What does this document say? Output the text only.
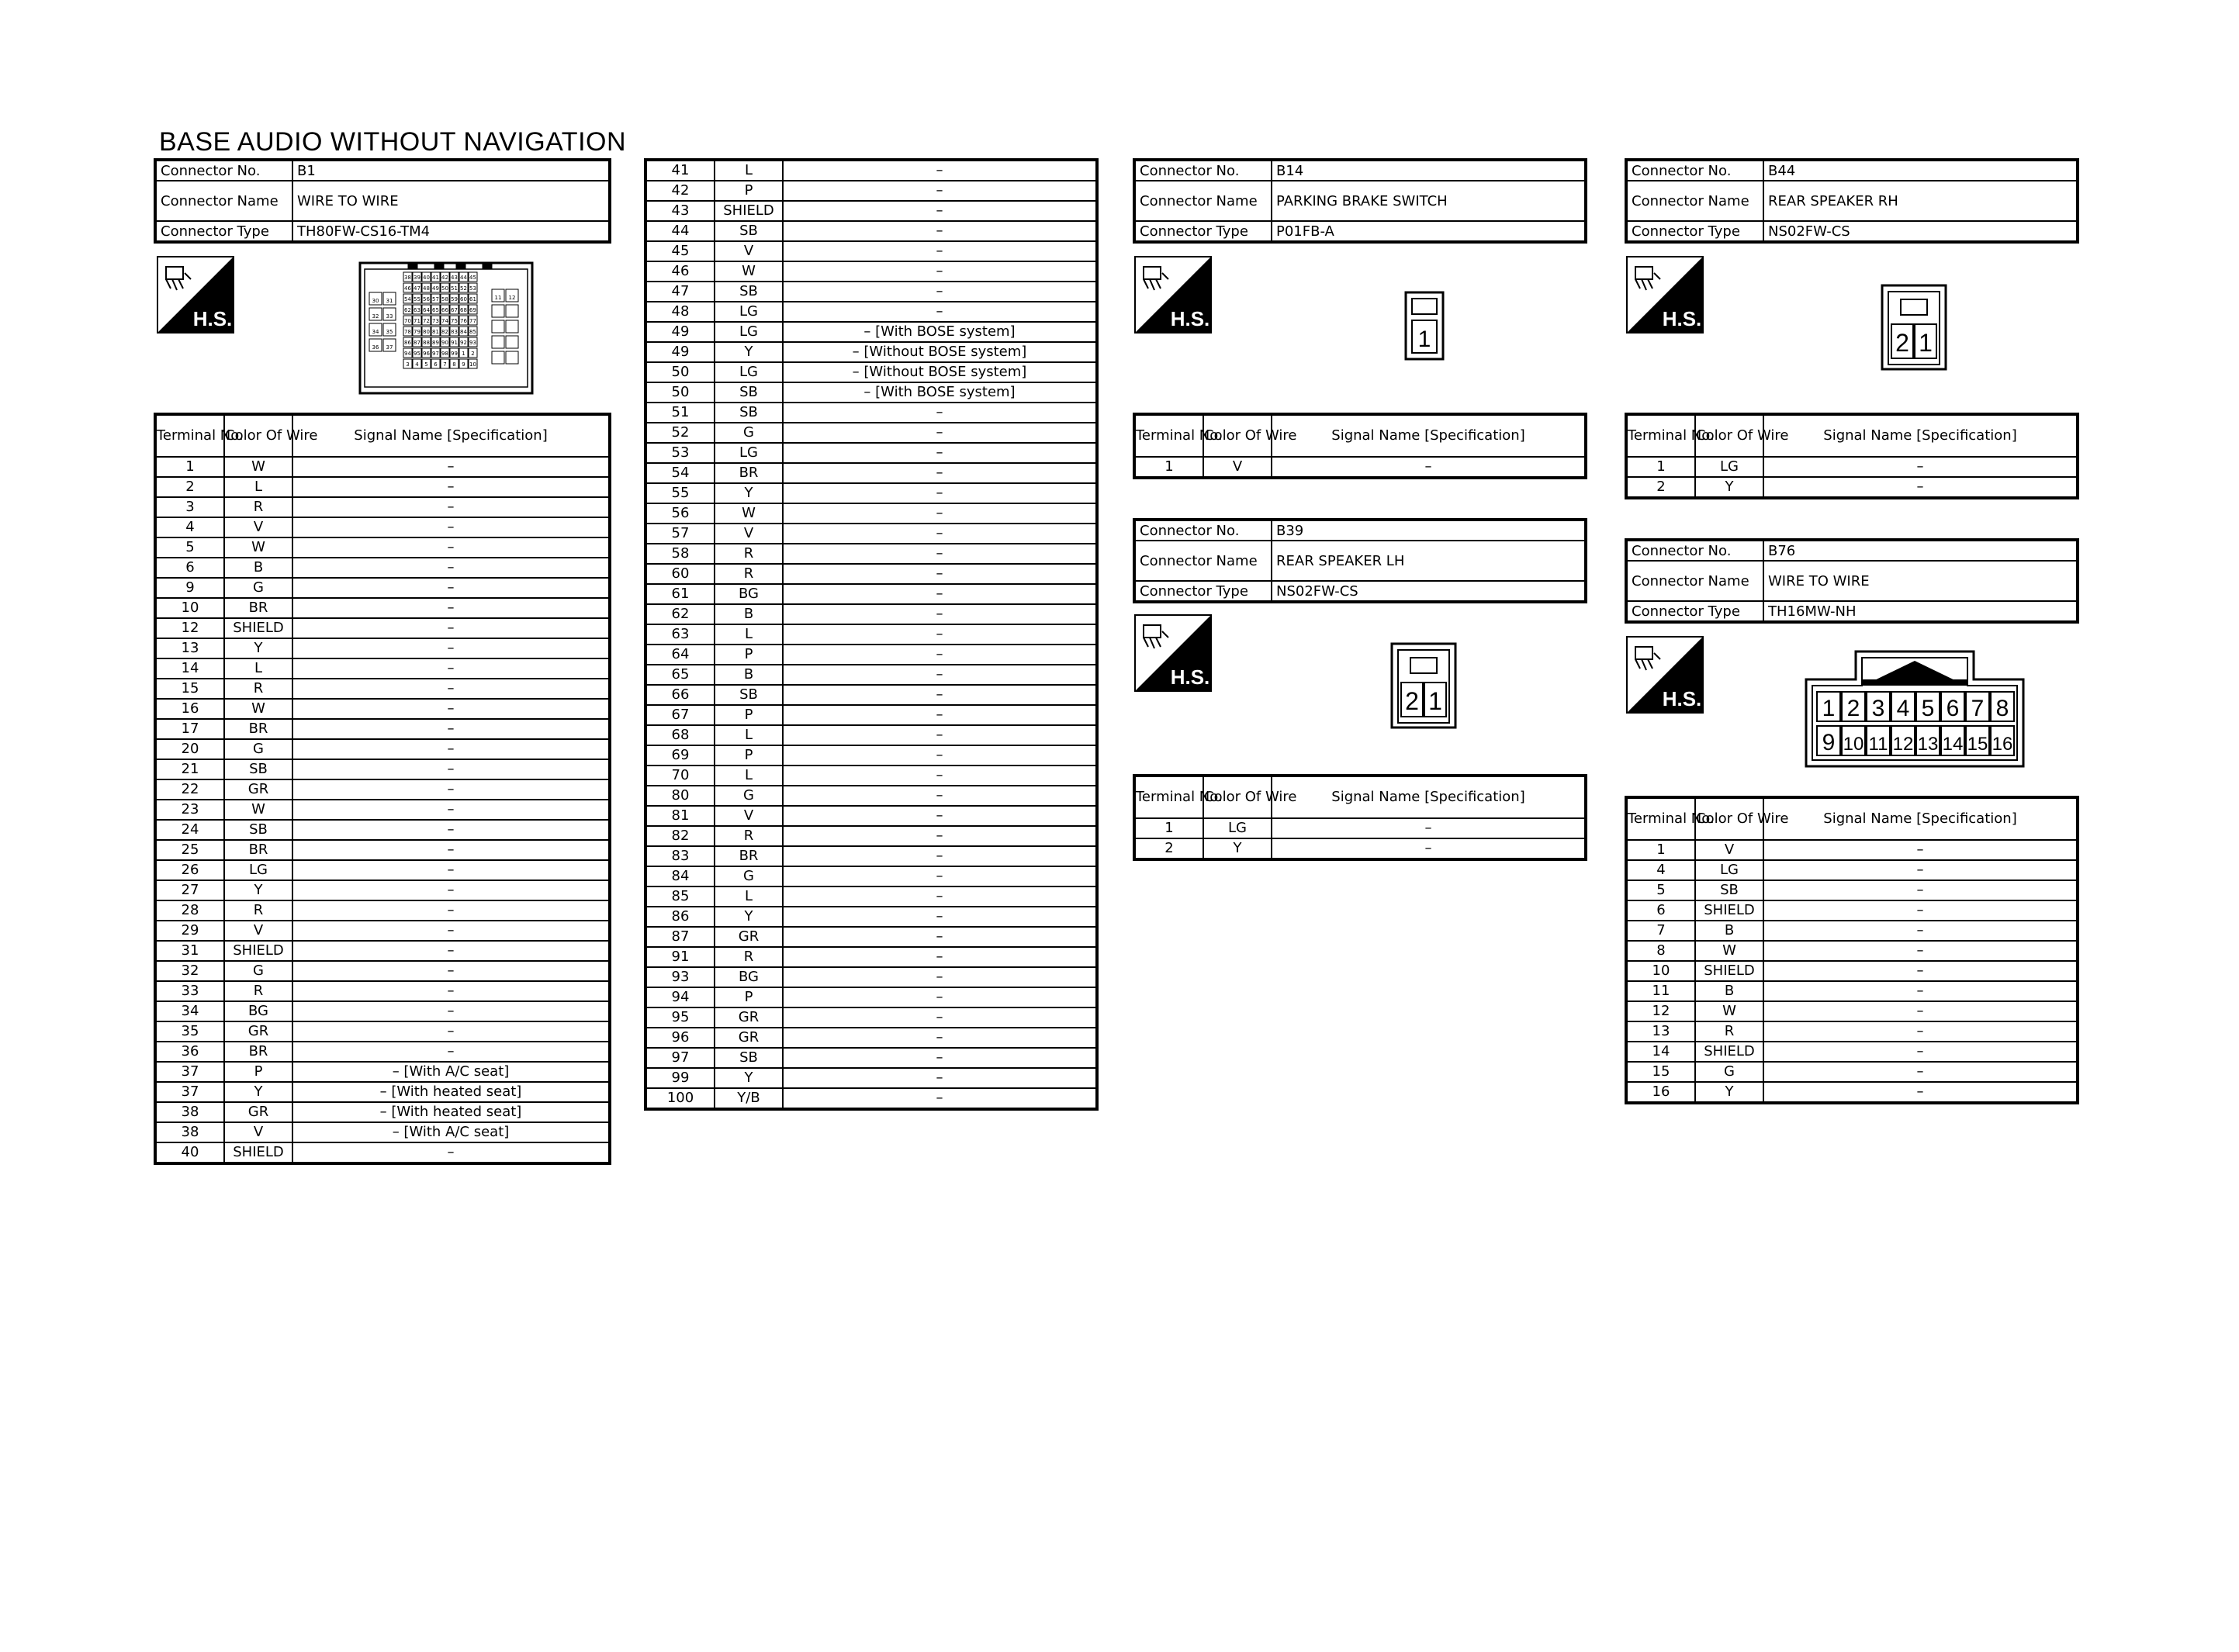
BASE AUDIO WITHOUT NAVIGATION
Connector No.	B1
Connector Name	WIRE TO WIRE
Connector Type	TH80FW-CS16-TM4
H.S.
30 31
32 33
34 35
36 37
38 39 40 41 42 43 44 45
46 47 48 49 50 51 52 53
54 55 56 57 58 59 60 61
62 63 64 65 66 67 68 69
70 71 72 73 74 75 76 77
78 79 80 81 82 83 84 85
86 87 88 89 90 91 92 93
94 95 96 97 98 99 1 2
3 4 5 6 7 8 9 10
11 12
Terminal No.	Color Of Wire	Signal Name [Specification]
1	W	–
2	L	–
3	R	–
4	V	–
5	W	–
6	B	–
9	G	–
10	BR	–
12	SHIELD	–
13	Y	–
14	L	–
15	R	–
16	W	–
17	BR	–
20	G	–
21	SB	–
22	GR	–
23	W	–
24	SB	–
25	BR	–
26	LG	–
27	Y	–
28	R	–
29	V	–
31	SHIELD	–
32	G	–
33	R	–
34	BG	–
35	GR	–
36	BR	–
37	P	– [With A/C seat]
37	Y	– [With heated seat]
38	GR	– [With heated seat]
38	V	– [With A/C seat]
40	SHIELD	–
41	L	–
42	P	–
43	SHIELD	–
44	SB	–
45	V	–
46	W	–
47	SB	–
48	LG	–
49	LG	– [With BOSE system]
49	Y	– [Without BOSE system]
50	LG	– [Without BOSE system]
50	SB	– [With BOSE system]
51	SB	–
52	G	–
53	LG	–
54	BR	–
55	Y	–
56	W	–
57	V	–
58	R	–
60	R	–
61	BG	–
62	B	–
63	L	–
64	P	–
65	B	–
66	SB	–
67	P	–
68	L	–
69	P	–
70	L	–
80	G	–
81	V	–
82	R	–
83	BR	–
84	G	–
85	L	–
86	Y	–
87	GR	–
91	R	–
93	BG	–
94	P	–
95	GR	–
96	GR	–
97	SB	–
99	Y	–
100	Y/B	–
Connector No.	B14
Connector Name	PARKING BRAKE SWITCH
Connector Type	P01FB-A
H.S.
1
Terminal No.	Color Of Wire	Signal Name [Specification]
1	V	–
Connector No.	B39
Connector Name	REAR SPEAKER LH
Connector Type	NS02FW-CS
H.S.
2 1
Terminal No.	Color Of Wire	Signal Name [Specification]
1	LG	–
2	Y	–
Connector No.	B44
Connector Name	REAR SPEAKER RH
Connector Type	NS02FW-CS
H.S.
2 1
Terminal No.	Color Of Wire	Signal Name [Specification]
1	LG	–
2	Y	–
Connector No.	B76
Connector Name	WIRE TO WIRE
Connector Type	TH16MW-NH
H.S.	1 2 3 4 5 6 7 8
9 10 11 12 13 14 15 16
Terminal No.	Color Of Wire	Signal Name [Specification]
1	V	–
4	LG	–
5	SB	–
6	SHIELD	–
7	B	–
8	W	–
10	SHIELD	–
11	B	–
12	W	–
13	R	–
14	SHIELD	–
15	G	–
16	Y	–
